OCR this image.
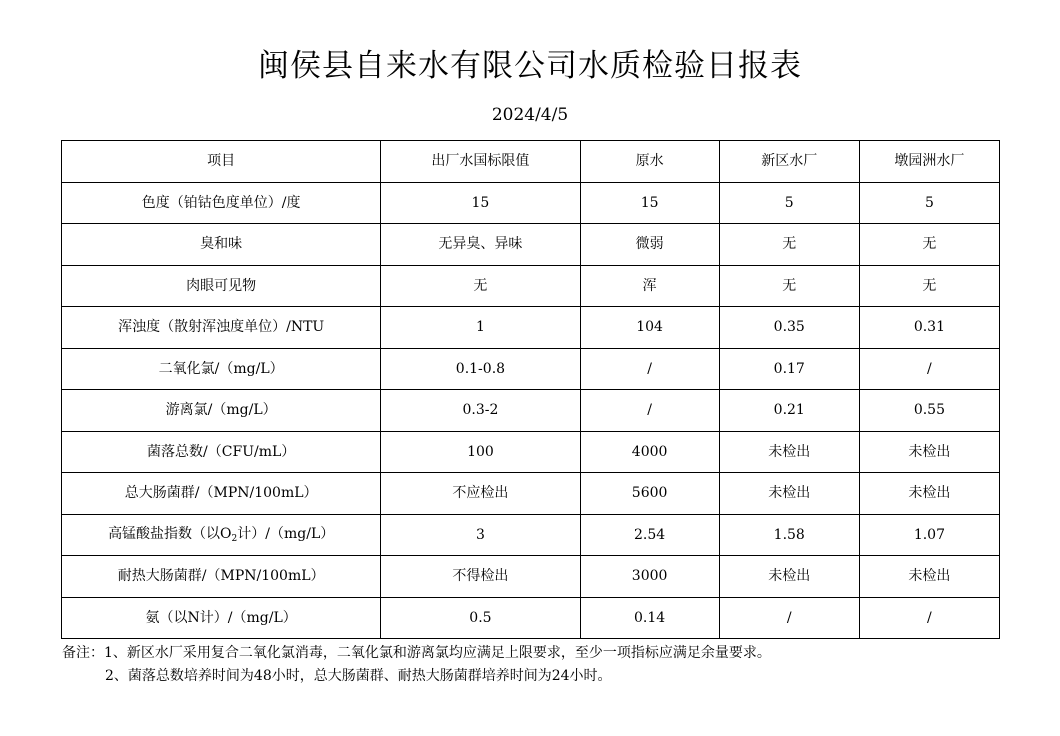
闽侯县自来水有限公司水质检验日报表
2024/4/5
项目	出厂水国标限值	原水	新区水厂	墩园洲水厂
色度（铂钴色度单位）/度	15	15	5	5
臭和味	无异臭、异味	微弱	无	无
肉眼可见物	无	浑	无	无
浑浊度（散射浑浊度单位）/NTU	1	104	0.35	0.31
二氧化氯/（mg/L）	0.1-0.8	/	0.17	/
游离氯/（mg/L）	0.3-2	/	0.21	0.55
菌落总数/（CFU/mL）	100	4000	未检出	未检出
总大肠菌群/（MPN/100mL）	不应检出	5600	未检出	未检出
高锰酸盐指数（以$O_2$计）/（mg/L）	3	2.54	1.58	1.07
耐热大肠菌群/（MPN/100mL）	不得检出	3000	未检出	未检出
氨（以N计）/（mg/L）	0.5	0.14	/	/
备注：1、新区水厂采用复合二氧化氯消毒，二氧化氯和游离氯均应满足上限要求，至少一项指标应满足余量要求。
2、菌落总数培养时间为48小时，总大肠菌群、耐热大肠菌群培养时间为24小时。
